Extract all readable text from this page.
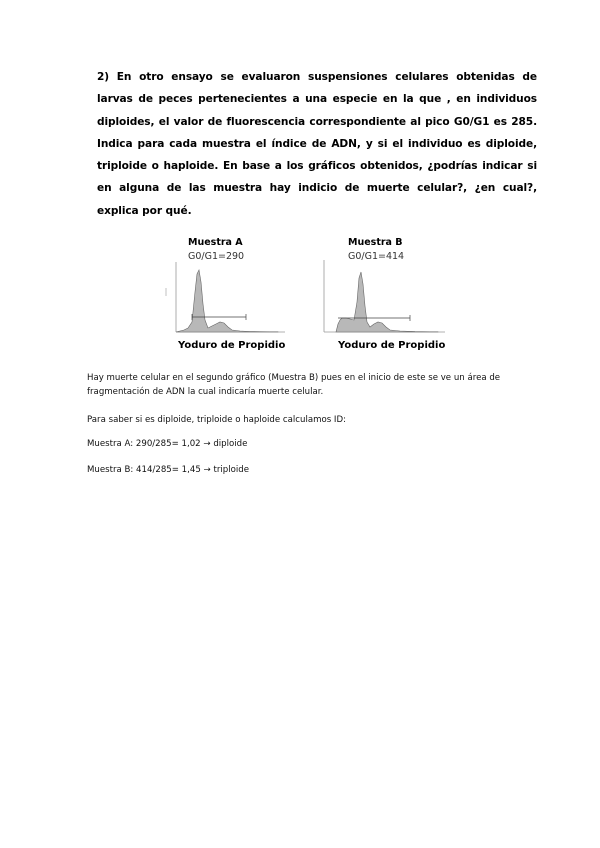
2) En otro ensayo se evaluaron suspensiones celulares obtenidas de larvas de peces pertenecientes a una especie en la que , en individuos diploides, el valor de fluorescencia correspondiente al pico G0/G1 es 285. Indica para cada muestra el índice de ADN, y si el individuo es diploide, triploide o haploide. En base a los gráficos obtenidos, ¿podrías indicar si en alguna de las muestra hay indicio de muerte celular?, ¿en cual?, explica por qué.

Muestra A
G0/G1=290
Yoduro de Propidio
Muestra B
G0/G1=414
Yoduro de Propidio

Hay muerte celular en el segundo gráfico (Muestra B) pues en el inicio de este se ve un área de fragmentación de ADN la cual indicaría muerte celular.

Para saber si es diploide, triploide o haploide calculamos ID:

Muestra A: 290/285= 1,02 → diploide

Muestra B: 414/285= 1,45 → triploide
